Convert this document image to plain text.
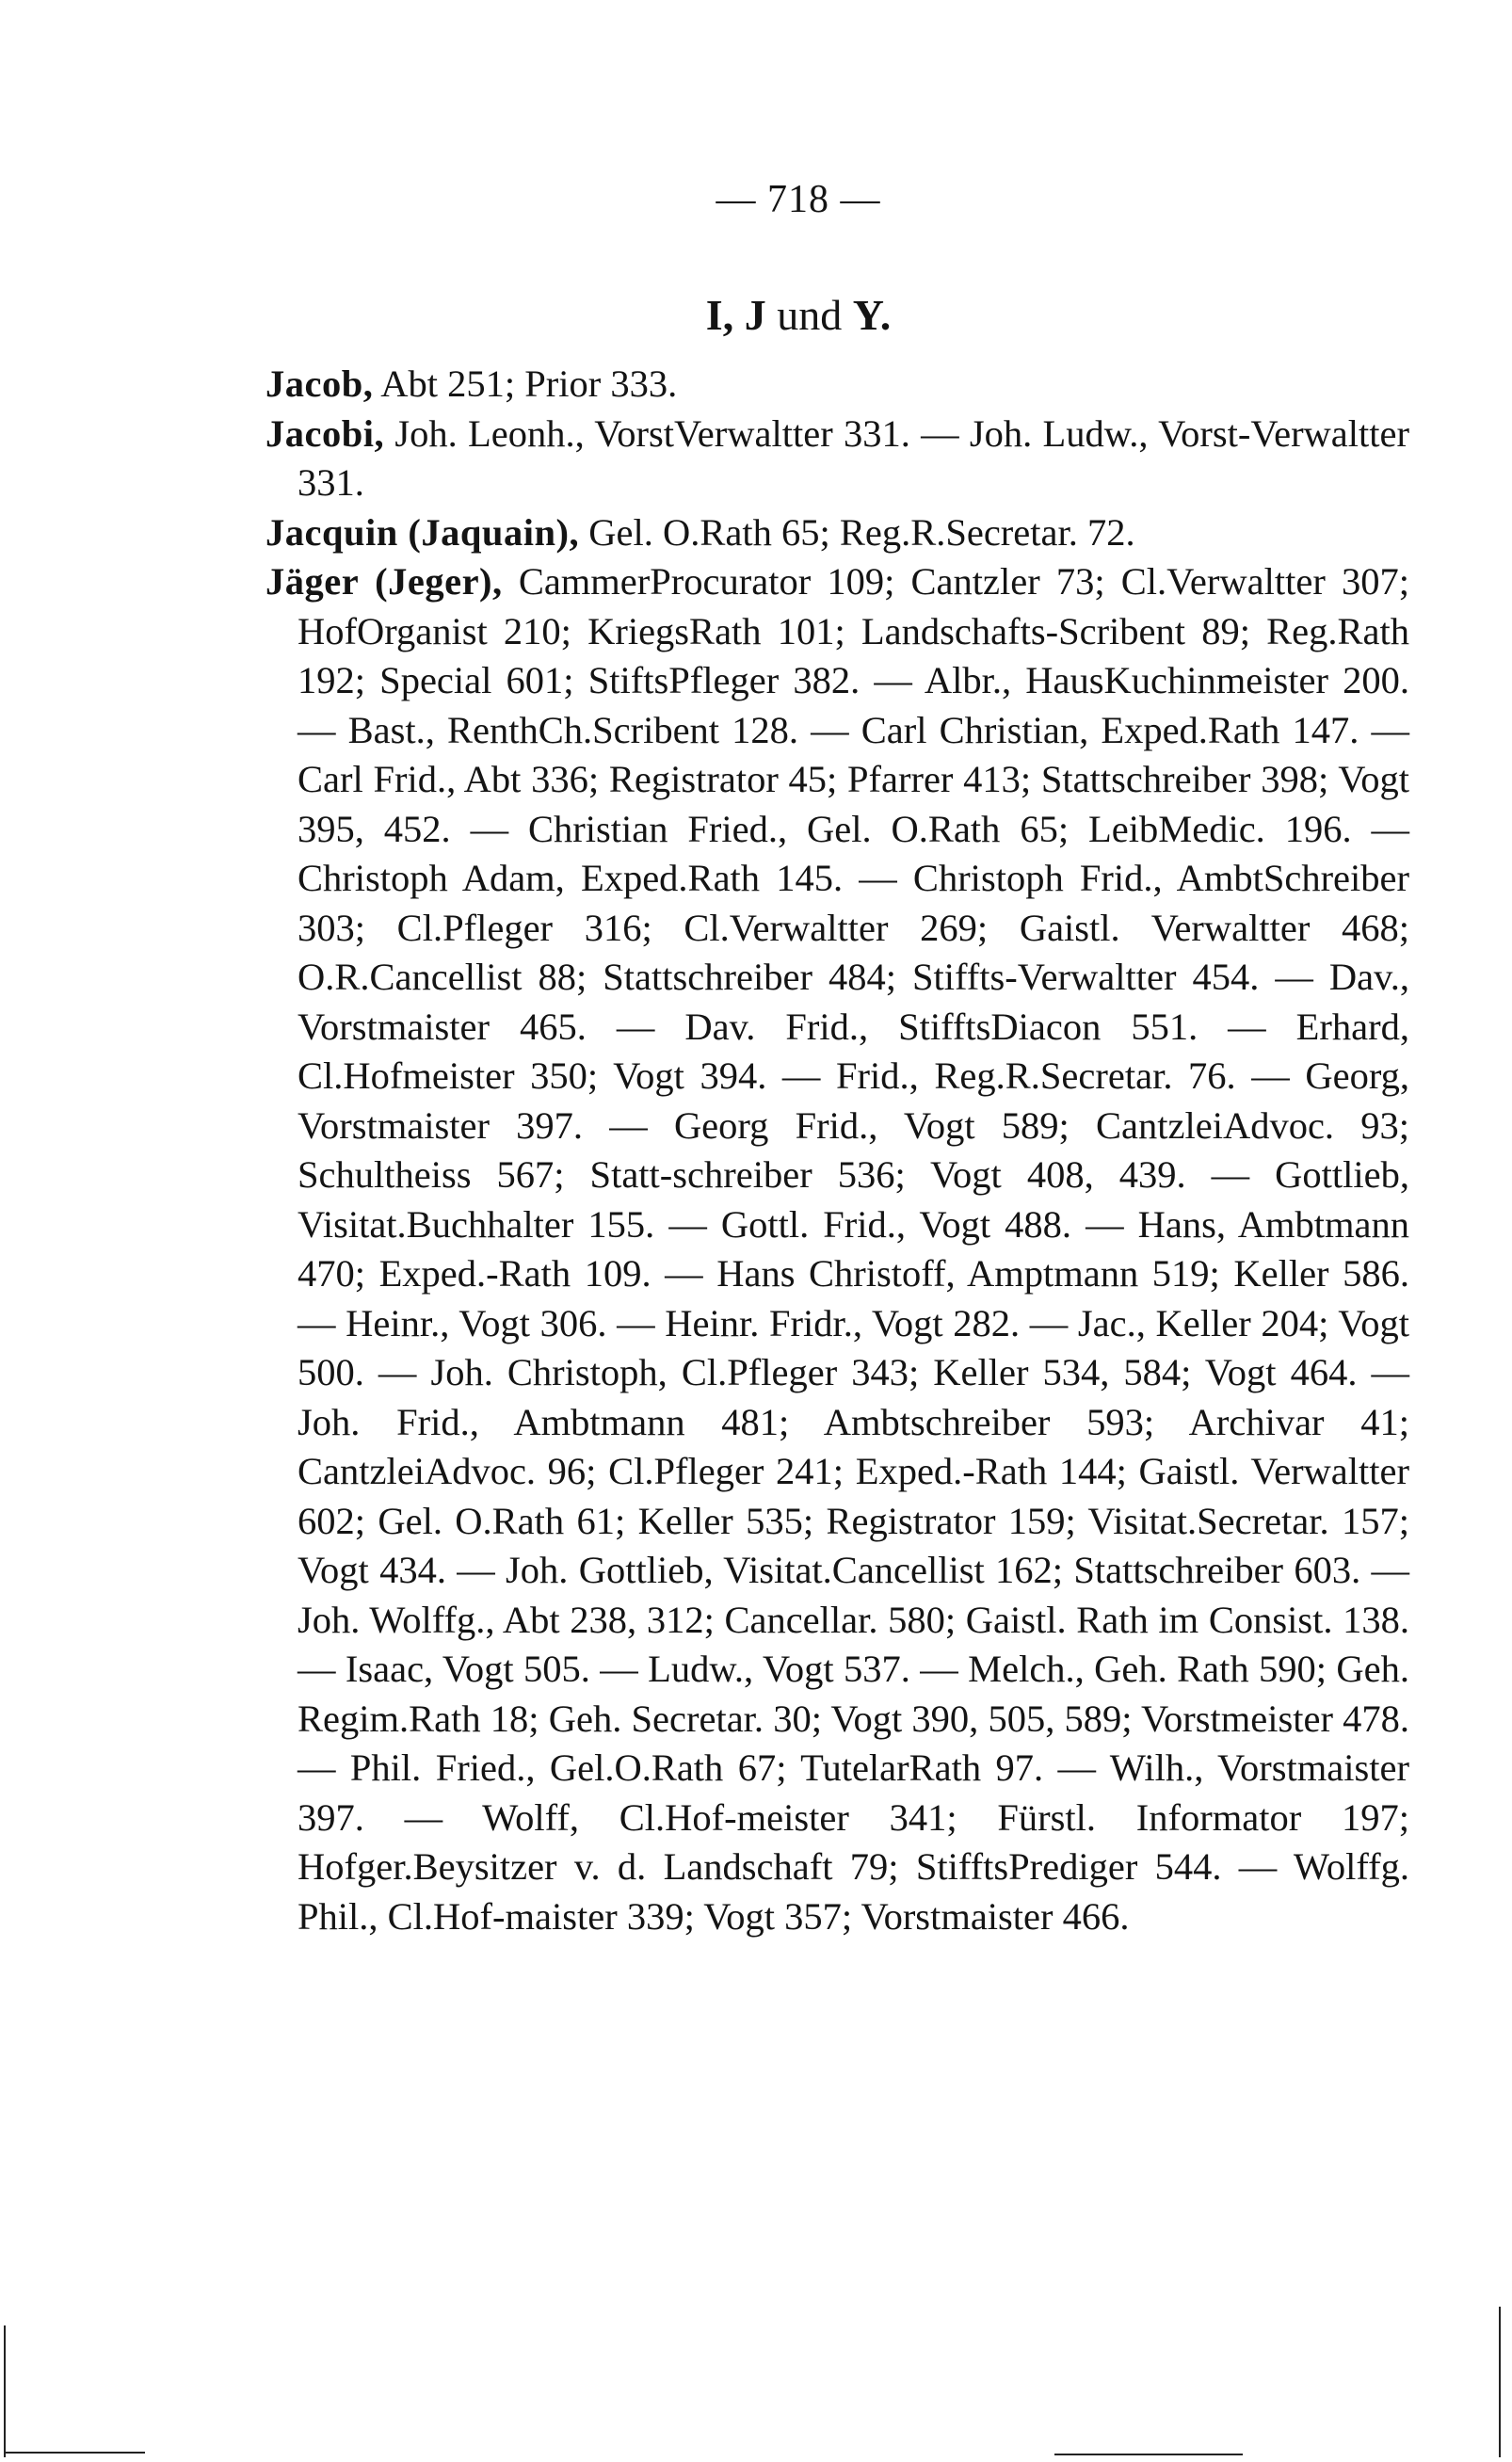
— 718 —
I, J und Y.

Jacob, Abt 251; Prior 333.

Jacobi, Joh. Leonh., VorstVerwaltter 331. — Joh. Ludw., Vorst-Verwaltter 331.

Jacquin (Jaquain), Gel. O.Rath 65; Reg.R.Secretar. 72.

Jäger (Jeger), CammerProcurator 109; Cantzler 73; Cl.Verwaltter 307; HofOrganist 210; KriegsRath 101; Landschafts-Scribent 89; Reg.Rath 192; Special 601; StiftsPfleger 382. — Albr., HausKuchinmeister 200. — Bast., RenthCh.Scribent 128. — Carl Christian, Exped.Rath 147. — Carl Frid., Abt 336; Registrator 45; Pfarrer 413; Stattschreiber 398; Vogt 395, 452. — Christian Fried., Gel. O.Rath 65; LeibMedic. 196. — Christoph Adam, Exped.Rath 145. — Christoph Frid., AmbtSchreiber 303; Cl.Pfleger 316; Cl.Verwaltter 269; Gaistl. Verwaltter 468; O.R.Cancellist 88; Stattschreiber 484; Stiffts-Verwaltter 454. — Dav., Vorstmaister 465. — Dav. Frid., StifftsDiacon 551. — Erhard, Cl.Hofmeister 350; Vogt 394. — Frid., Reg.R.Secretar. 76. — Georg, Vorstmaister 397. — Georg Frid., Vogt 589; CantzleiAdvoc. 93; Schultheiss 567; Statt-schreiber 536; Vogt 408, 439. — Gottlieb, Visitat.Buchhalter 155. — Gottl. Frid., Vogt 488. — Hans, Ambtmann 470; Exped.-Rath 109. — Hans Christoff, Amptmann 519; Keller 586. — Heinr., Vogt 306. — Heinr. Fridr., Vogt 282. — Jac., Keller 204; Vogt 500. — Joh. Christoph, Cl.Pfleger 343; Keller 534, 584; Vogt 464. — Joh. Frid., Ambtmann 481; Ambtschreiber 593; Archivar 41; CantzleiAdvoc. 96; Cl.Pfleger 241; Exped.-Rath 144; Gaistl. Verwaltter 602; Gel. O.Rath 61; Keller 535; Registrator 159; Visitat.Secretar. 157; Vogt 434. — Joh. Gottlieb, Visitat.Cancellist 162; Stattschreiber 603. — Joh. Wolffg., Abt 238, 312; Cancellar. 580; Gaistl. Rath im Consist. 138. — Isaac, Vogt 505. — Ludw., Vogt 537. — Melch., Geh. Rath 590; Geh. Regim.Rath 18; Geh. Secretar. 30; Vogt 390, 505, 589; Vorstmeister 478. — Phil. Fried., Gel.O.Rath 67; TutelarRath 97. — Wilh., Vorstmaister 397. — Wolff, Cl.Hof-meister 341; Fürstl. Informator 197; Hofger.Beysitzer v. d. Landschaft 79; StifftsPrediger 544. — Wolffg. Phil., Cl.Hof-maister 339; Vogt 357; Vorstmaister 466.
